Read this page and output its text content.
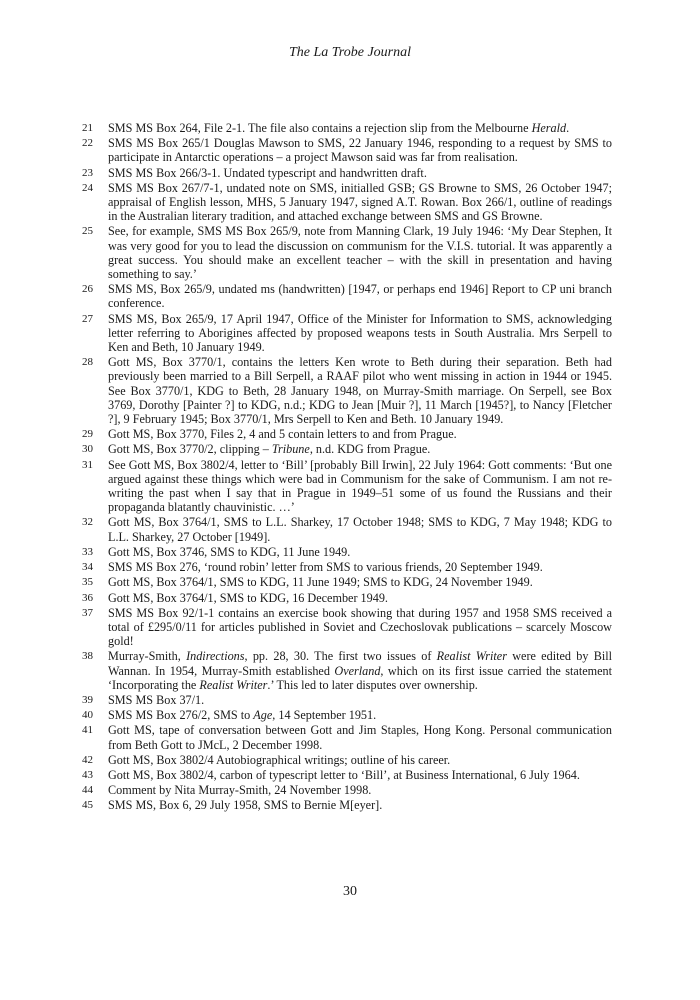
The La Trobe Journal
21	SMS MS Box 264, File 2-1. The file also contains a rejection slip from the Melbourne Herald.
22	SMS MS Box 265/1 Douglas Mawson to SMS, 22 January 1946, responding to a request by SMS to participate in Antarctic operations – a project Mawson said was far from realisation.
23	SMS MS Box 266/3-1. Undated typescript and handwritten draft.
24	SMS MS Box 267/7-1, undated note on SMS, initialled GSB; GS Browne to SMS, 26 October 1947; appraisal of English lesson, MHS, 5 January 1947, signed A.T. Rowan. Box 266/1, outline of readings in the Australian literary tradition, and attached exchange between SMS and GS Browne.
25	See, for example, SMS MS Box 265/9, note from Manning Clark, 19 July 1946: ‘My Dear Stephen, It was very good for you to lead the discussion on communism for the V.I.S. tutorial. It was apparently a great success. You should make an excellent teacher – with the skill in presentation and having something to say.’
26	SMS MS, Box 265/9, undated ms (handwritten) [1947, or perhaps end 1946] Report to CP uni branch conference.
27	SMS MS, Box 265/9, 17 April 1947, Office of the Minister for Information to SMS, acknowledging letter referring to Aborigines affected by proposed weapons tests in South Australia. Mrs Serpell to Ken and Beth, 10 January 1949.
28	Gott MS, Box 3770/1, contains the letters Ken wrote to Beth during their separation. Beth had previously been married to a Bill Serpell, a RAAF pilot who went missing in action in 1944 or 1945. See Box 3770/1, KDG to Beth, 28 January 1948, on Murray-Smith marriage. On Serpell, see Box 3769, Dorothy [Painter ?] to KDG, n.d.; KDG to Jean [Muir ?], 11 March [1945?], to Nancy [Fletcher ?], 9 February 1945; Box 3770/1, Mrs Serpell to Ken and Beth. 10 January 1949.
29	Gott MS, Box 3770, Files 2, 4 and 5 contain letters to and from Prague.
30	Gott MS, Box 3770/2, clipping – Tribune, n.d. KDG from Prague.
31	See Gott MS, Box 3802/4, letter to ‘Bill’ [probably Bill Irwin], 22 July 1964: Gott comments: ‘But one argued against these things which were bad in Communism for the sake of Communism. I am not re-writing the past when I say that in Prague in 1949–51 some of us found the Russians and their propaganda blatantly chauvinistic. …’
32	Gott MS, Box 3764/1, SMS to L.L. Sharkey, 17 October 1948; SMS to KDG, 7 May 1948; KDG to L.L. Sharkey, 27 October [1949].
33	Gott MS, Box 3746, SMS to KDG, 11 June 1949.
34	SMS MS Box 276, ‘round robin’ letter from SMS to various friends, 20 September 1949.
35	Gott MS, Box 3764/1, SMS to KDG, 11 June 1949; SMS to KDG, 24 November 1949.
36	Gott MS, Box 3764/1, SMS to KDG, 16 December 1949.
37	SMS MS Box 92/1-1 contains an exercise book showing that during 1957 and 1958 SMS received a total of £295/0/11 for articles published in Soviet and Czechoslovak publications – scarcely Moscow gold!
38	Murray-Smith, Indirections, pp. 28, 30. The first two issues of Realist Writer were edited by Bill Wannan. In 1954, Murray-Smith established Overland, which on its first issue carried the statement ‘Incorporating the Realist Writer.’ This led to later disputes over ownership.
39	SMS MS Box 37/1.
40	SMS MS Box 276/2, SMS to Age, 14 September 1951.
41	Gott MS, tape of conversation between Gott and Jim Staples, Hong Kong. Personal communication from Beth Gott to JMcL, 2 December 1998.
42	Gott MS, Box 3802/4 Autobiographical writings; outline of his career.
43	Gott MS, Box 3802/4, carbon of typescript letter to ‘Bill’, at Business International, 6 July 1964.
44	Comment by Nita Murray-Smith, 24 November 1998.
45	SMS MS, Box 6, 29 July 1958, SMS to Bernie M[eyer].
30
